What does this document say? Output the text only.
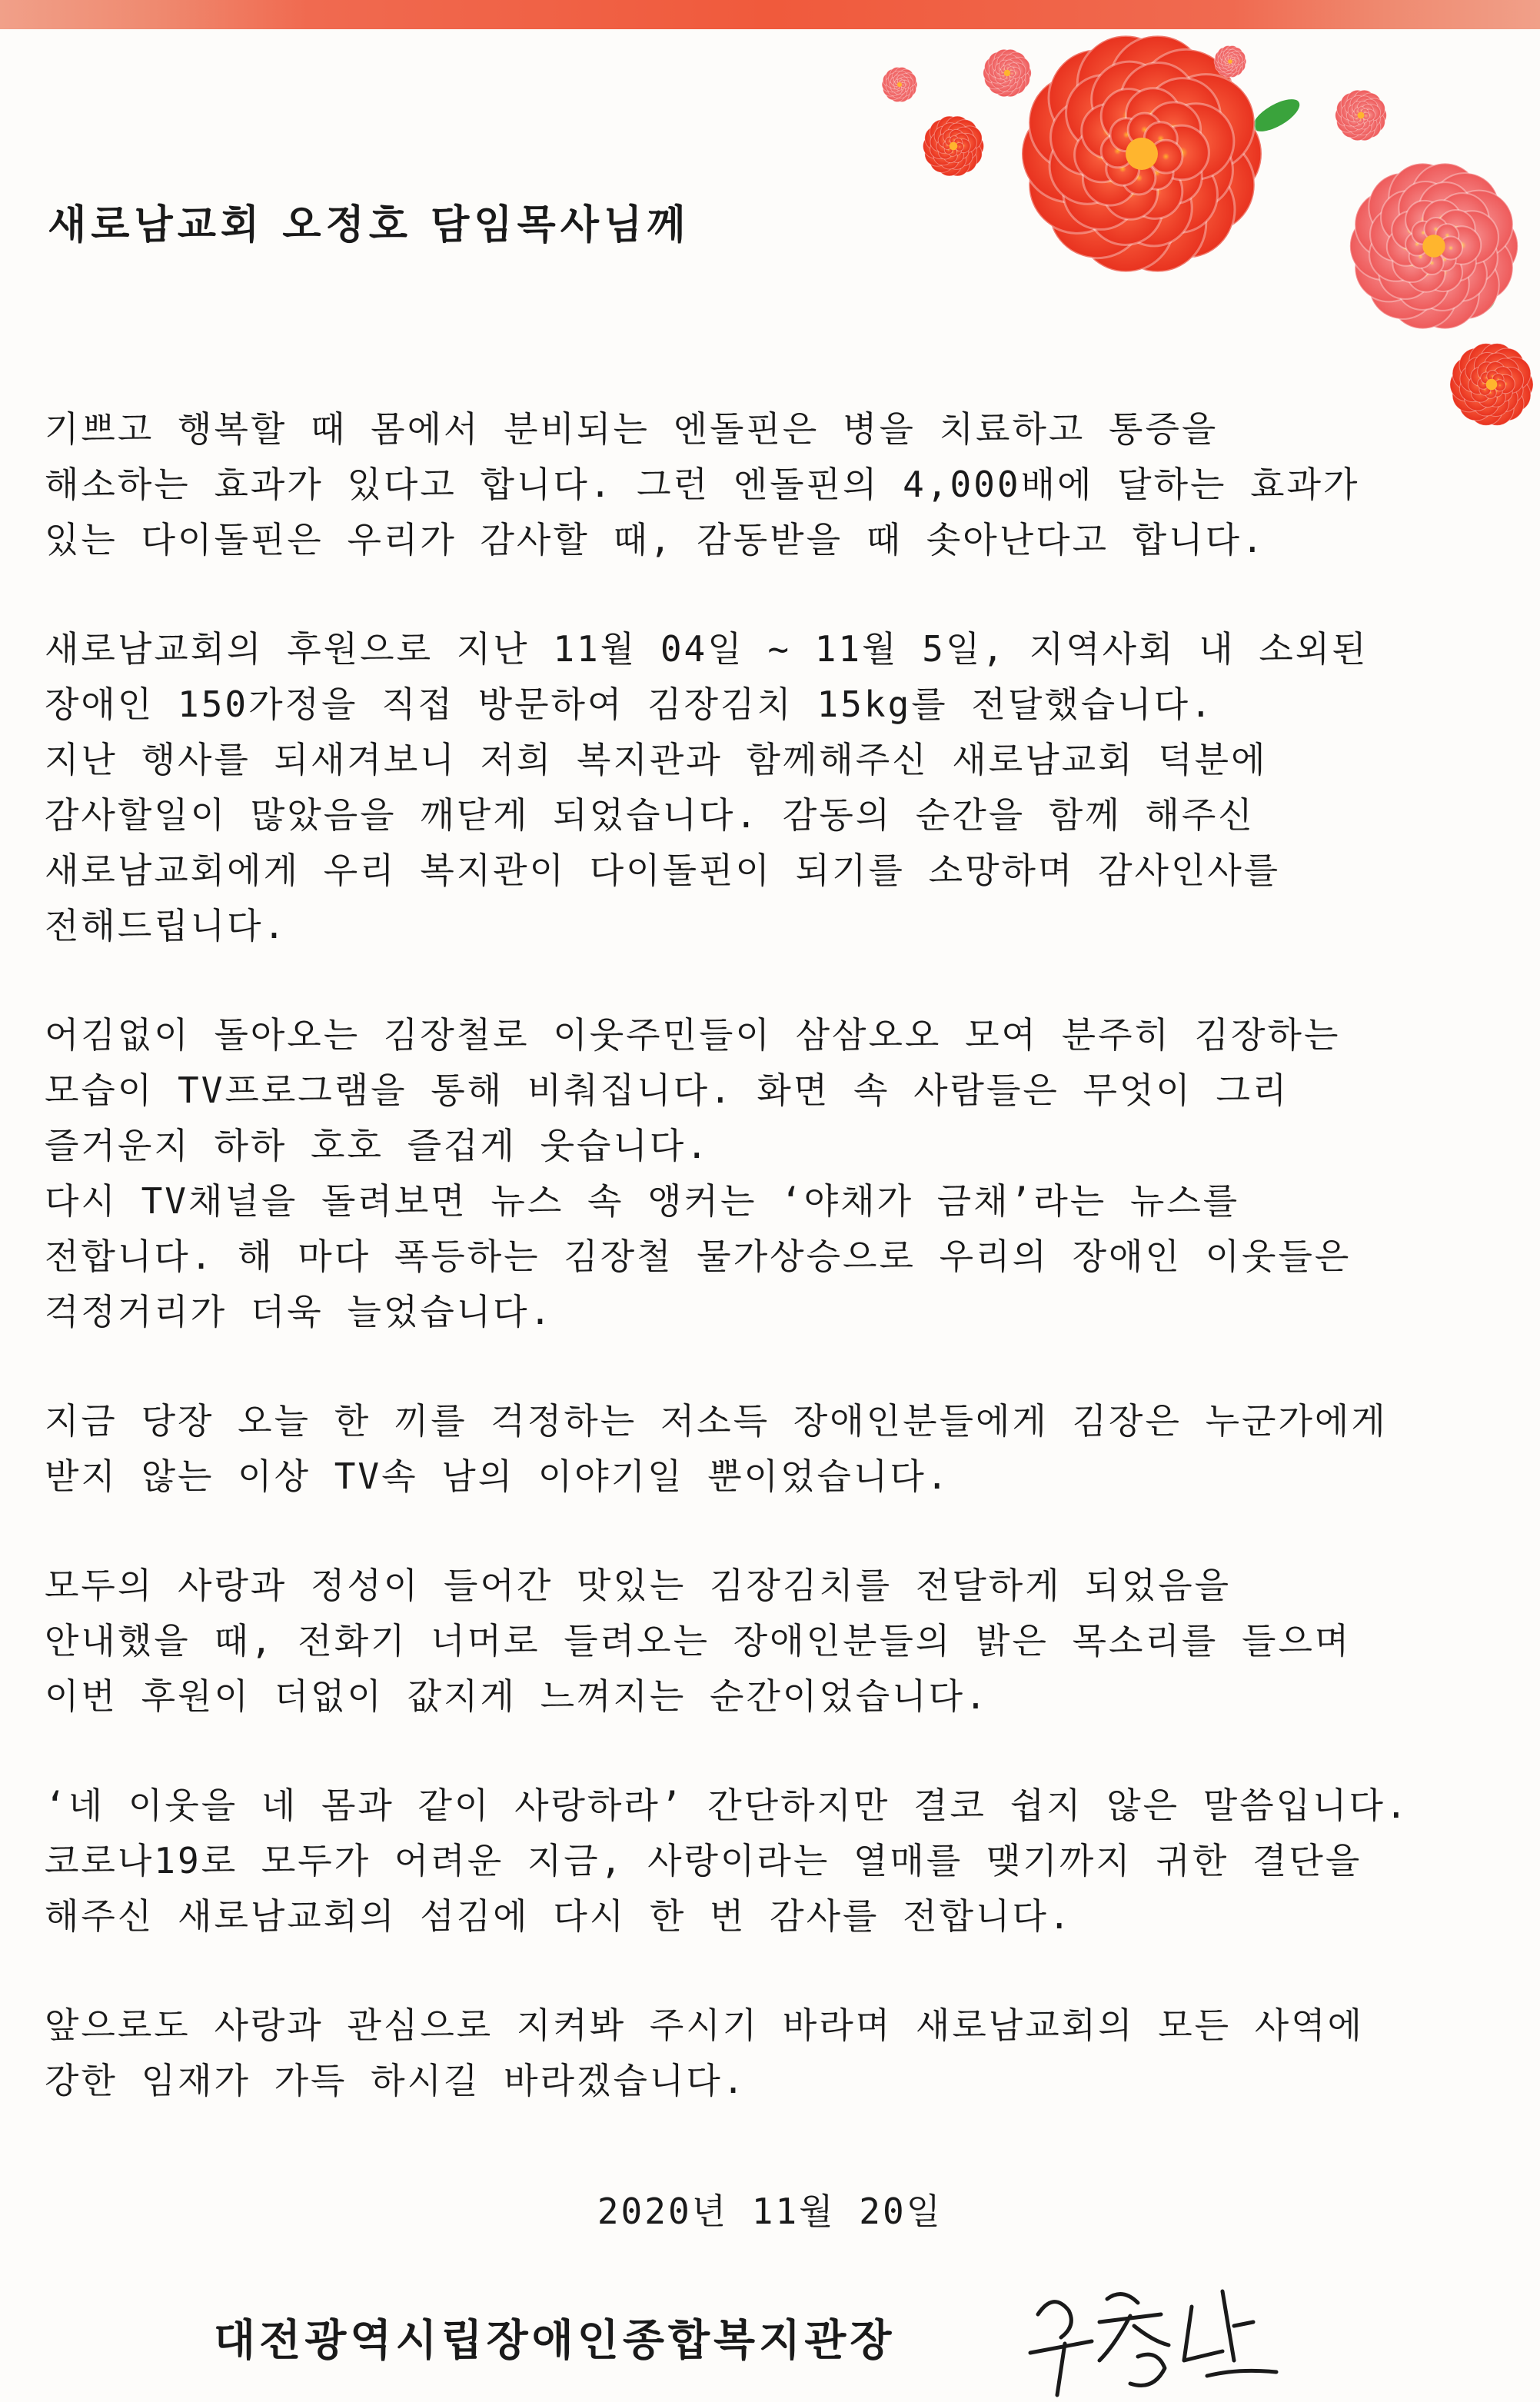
새로남교회 오정호 담임목사님께
기쁘고 행복할 때 몸에서 분비되는 엔돌핀은 병을 치료하고 통증을
해소하는 효과가 있다고 합니다. 그런 엔돌핀의 4,000배에 달하는 효과가
있는 다이돌핀은 우리가 감사할 때, 감동받을 때 솟아난다고 합니다.
새로남교회의 후원으로 지난 11월 04일 ~ 11월 5일, 지역사회 내 소외된
장애인 150가정을 직접 방문하여 김장김치 15kg를 전달했습니다.
지난 행사를 되새겨보니 저희 복지관과 함께해주신 새로남교회 덕분에
감사할일이 많았음을 깨닫게 되었습니다. 감동의 순간을 함께 해주신
새로남교회에게 우리 복지관이 다이돌핀이 되기를 소망하며 감사인사를
전해드립니다.
어김없이 돌아오는 김장철로 이웃주민들이 삼삼오오 모여 분주히 김장하는
모습이 TV프로그램을 통해 비춰집니다. 화면 속 사람들은 무엇이 그리
즐거운지 하하 호호 즐겁게 웃습니다.
다시 TV채널을 돌려보면 뉴스 속 앵커는 ‘야채가 금채’라는 뉴스를
전합니다. 해 마다 폭등하는 김장철 물가상승으로 우리의 장애인 이웃들은
걱정거리가 더욱 늘었습니다.
지금 당장 오늘 한 끼를 걱정하는 저소득 장애인분들에게 김장은 누군가에게
받지 않는 이상 TV속 남의 이야기일 뿐이었습니다.
모두의 사랑과 정성이 들어간 맛있는 김장김치를 전달하게 되었음을
안내했을 때, 전화기 너머로 들려오는 장애인분들의 밝은 목소리를 들으며
이번 후원이 더없이 값지게 느껴지는 순간이었습니다.
‘네 이웃을 네 몸과 같이 사랑하라’ 간단하지만 결코 쉽지 않은 말씀입니다.
코로나19로 모두가 어려운 지금, 사랑이라는 열매를 맺기까지 귀한 결단을
해주신 새로남교회의 섬김에 다시 한 번 감사를 전합니다.
앞으로도 사랑과 관심으로 지켜봐 주시기 바라며 새로남교회의 모든 사역에
강한 임재가 가득 하시길 바라겠습니다.
2020년 11월 20일
대전광역시립장애인종합복지관장
